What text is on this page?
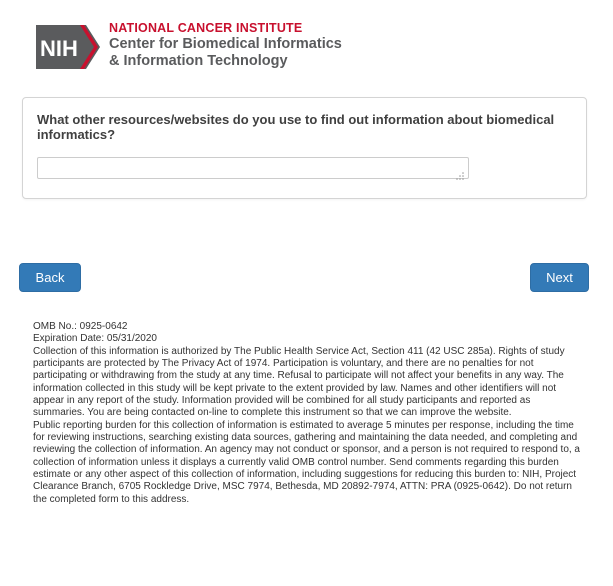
NIH
NATIONAL CANCER INSTITUTE
Center for Biomedical Informatics
& Information Technology
What other resources/websites do you use to find out information about biomedical informatics?
Back	Next

OMB No.: 0925-0642

Expiration Date: 05/31/2020

Collection of this information is authorized by The Public Health Service Act, Section 411 (42 USC 285a). Rights of study participants are protected by The Privacy Act of 1974. Participation is voluntary, and there are no penalties for not participating or withdrawing from the study at any time. Refusal to participate will not affect your benefits in any way. The information collected in this study will be kept private to the extent provided by law. Names and other identifiers will not appear in any report of the study. Information provided will be combined for all study participants and reported as summaries. You are being contacted on-line to complete this instrument so that we can improve the website.

Public reporting burden for this collection of information is estimated to average 5 minutes per response, including the time for reviewing instructions, searching existing data sources, gathering and maintaining the data needed, and completing and reviewing the collection of information. An agency may not conduct or sponsor, and a person is not required to respond to, a collection of information unless it displays a currently valid OMB control number. Send comments regarding this burden estimate or any other aspect of this collection of information, including suggestions for reducing this burden to: NIH, Project Clearance Branch, 6705 Rockledge Drive, MSC 7974, Bethesda, MD 20892-7974, ATTN: PRA (0925-0642). Do not return the completed form to this address.
